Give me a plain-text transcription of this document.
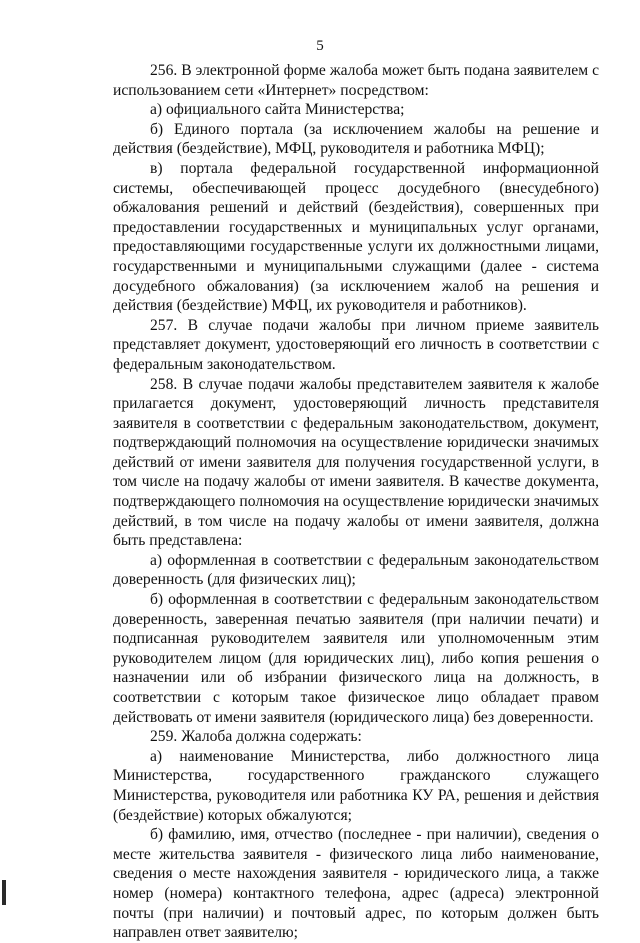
5

256. В электронной форме жалоба может быть подана заявителем с использованием сети «Интернет» посредством:

а) официального сайта Министерства;

б) Единого портала (за исключением жалобы на решение и действия (бездействие), МФЦ, руководителя и работника МФЦ);

в) портала федеральной государственной информационной системы, обеспечивающей процесс досудебного (внесудебного) обжалования решений и действий (бездействия), совершенных при предоставлении государственных и муниципальных услуг органами, предоставляющими государственные услуги их должностными лицами, государственными и муниципальными служащими (далее - система досудебного обжалования) (за исключением жалоб на решения и действия (бездействие) МФЦ, их руководителя и работников).

257. В случае подачи жалобы при личном приеме заявитель представляет документ, удостоверяющий его личность в соответствии с федеральным законодательством.

258. В случае подачи жалобы представителем заявителя к жалобе прилагается документ, удостоверяющий личность представителя заявителя в соответствии с федеральным законодательством, документ, подтверждающий полномочия на осуществление юридически значимых действий от имени заявителя для получения государственной услуги, в том числе на подачу жалобы от имени заявителя. В качестве документа, подтверждающего полномочия на осуществление юридически значимых действий, в том числе на подачу жалобы от имени заявителя, должна быть представлена:

а) оформленная в соответствии с федеральным законодательством доверенность (для физических лиц);

б) оформленная в соответствии с федеральным законодательством доверенность, заверенная печатью заявителя (при наличии печати) и подписанная руководителем заявителя или уполномоченным этим руководителем лицом (для юридических лиц), либо копия решения о назначении или об избрании физического лица на должность, в соответствии с которым такое физическое лицо обладает правом действовать от имени заявителя (юридического лица) без доверенности.

259. Жалоба должна содержать:

а) наименование Министерства, либо должностного лица Министерства, государственного гражданского служащего Министерства, руководителя или работника КУ РА, решения и действия (бездействие) которых обжалуются;

б) фамилию, имя, отчество (последнее - при наличии), сведения о месте жительства заявителя - физического лица либо наименование, сведения о месте нахождения заявителя - юридического лица, а также номер (номера) контактного телефона, адрес (адреса) электронной почты (при наличии) и почтовый адрес, по которым должен быть направлен ответ заявителю;
